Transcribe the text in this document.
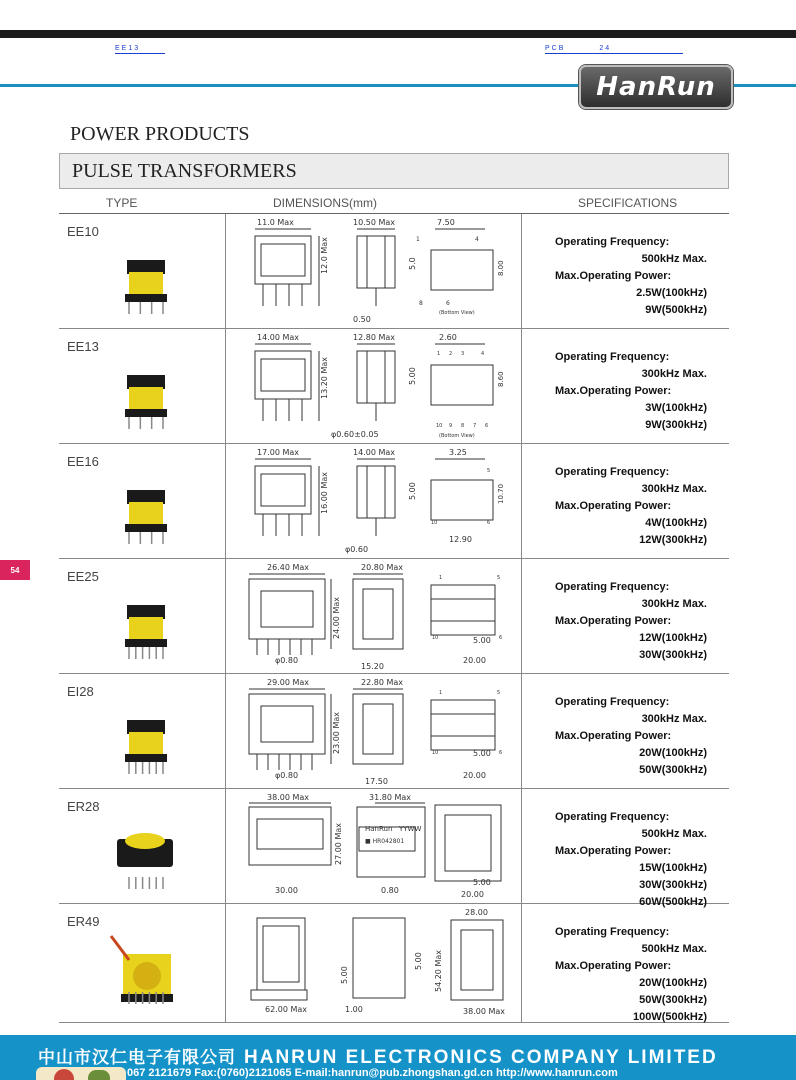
EE13	PCB	24
HanRun
POWER PRODUCTS
PULSE TRANSFORMERS
TYPE	DIMENSIONS(mm)	SPECIFICATIONS
54
EE10
11.0 Max	10.50 Max	7.50
12.0 Max	5.0	8.00
0.50
1	4
8	6
(Bottom View)
Operating Frequency:
500kHz Max.
Max.Operating Power:
2.5W(100kHz)
9W(500kHz)
EE13
14.00 Max	12.80 Max	2.60
13.20 Max	5.00	8.60
φ0.60±0.05
1 2 3	4
10 9 8 7 6
(Bottom View)
Operating Frequency:
300kHz Max.
Max.Operating Power:
3W(100kHz)
9W(300kHz)
EE16
17.00 Max	14.00 Max	3.25
16.00 Max	5.00	10.70
φ0.60
12.90
5
10	6
Operating Frequency:
300kHz Max.
Max.Operating Power:
4W(100kHz)
12W(300kHz)
EE25
26.40 Max	20.80 Max
24.00 Max
φ0.80
15.20
5.00
20.00
1	5
10	6
Operating Frequency:
300kHz Max.
Max.Operating Power:
12W(100kHz)
30W(300kHz)
EI28
29.00 Max	22.80 Max
23.00 Max
φ0.80
17.50
5.00
20.00
1	5
10	6
Operating Frequency:
300kHz Max.
Max.Operating Power:
20W(100kHz)
50W(300kHz)
ER28
38.00 Max	31.80 Max
27.00 Max
30.00	0.80
5.00
20.00
HanRun YYWW
■ HR042801
Operating Frequency:
500kHz Max.
Max.Operating Power:
15W(100kHz)
30W(300kHz)
60W(500kHz)
ER49
62.00 Max
5.00
28.00
54.20 Max
5.00
1.00	38.00 Max
Operating Frequency:
500kHz Max.
Max.Operating Power:
20W(100kHz)
50W(300kHz)
100W(500kHz)
中山市汉仁电子有限公司 HANRUN ELECTRONICS COMPANY LIMITED
067 2121679 Fax:(0760)2121065 E-mail:hanrun@pub.zhongshan.gd.cn http://www.hanrun.com
